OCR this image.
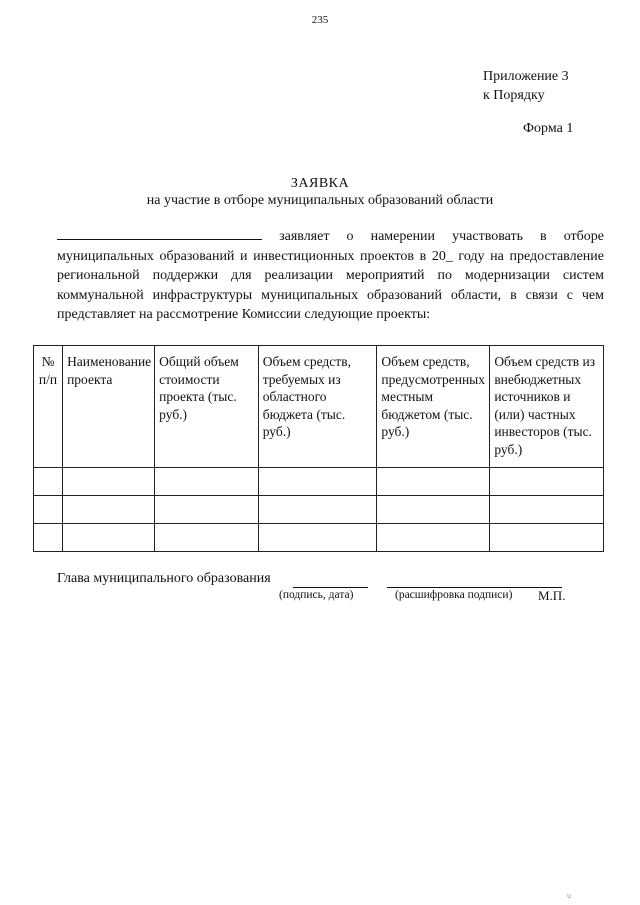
235
Приложение 3
к Порядку
Форма 1
ЗАЯВКА
на участие в отборе муниципальных образований области
заявляет о намерении участвовать в отборе муниципальных образований и инвестиционных проектов в 20_ году на предоставление региональной поддержки для реализации мероприятий по модернизации систем коммунальной инфраструктуры муниципальных образований области, в связи с чем представляет на рассмотрение Комиссии следующие проекты:
№ п/п	Наименование проекта	Общий объем стоимости проекта (тыс. руб.)	Объем средств, требуемых из областного бюджета (тыс. руб.)	Объем средств, предусмотренных местным бюджетом (тыс. руб.)	Объем средств из внебюджетных источников и (или) частных инвесторов (тыс. руб.)

Глава муниципального образования
(подпись, дата)	(расшифровка подписи) М.П.
u
